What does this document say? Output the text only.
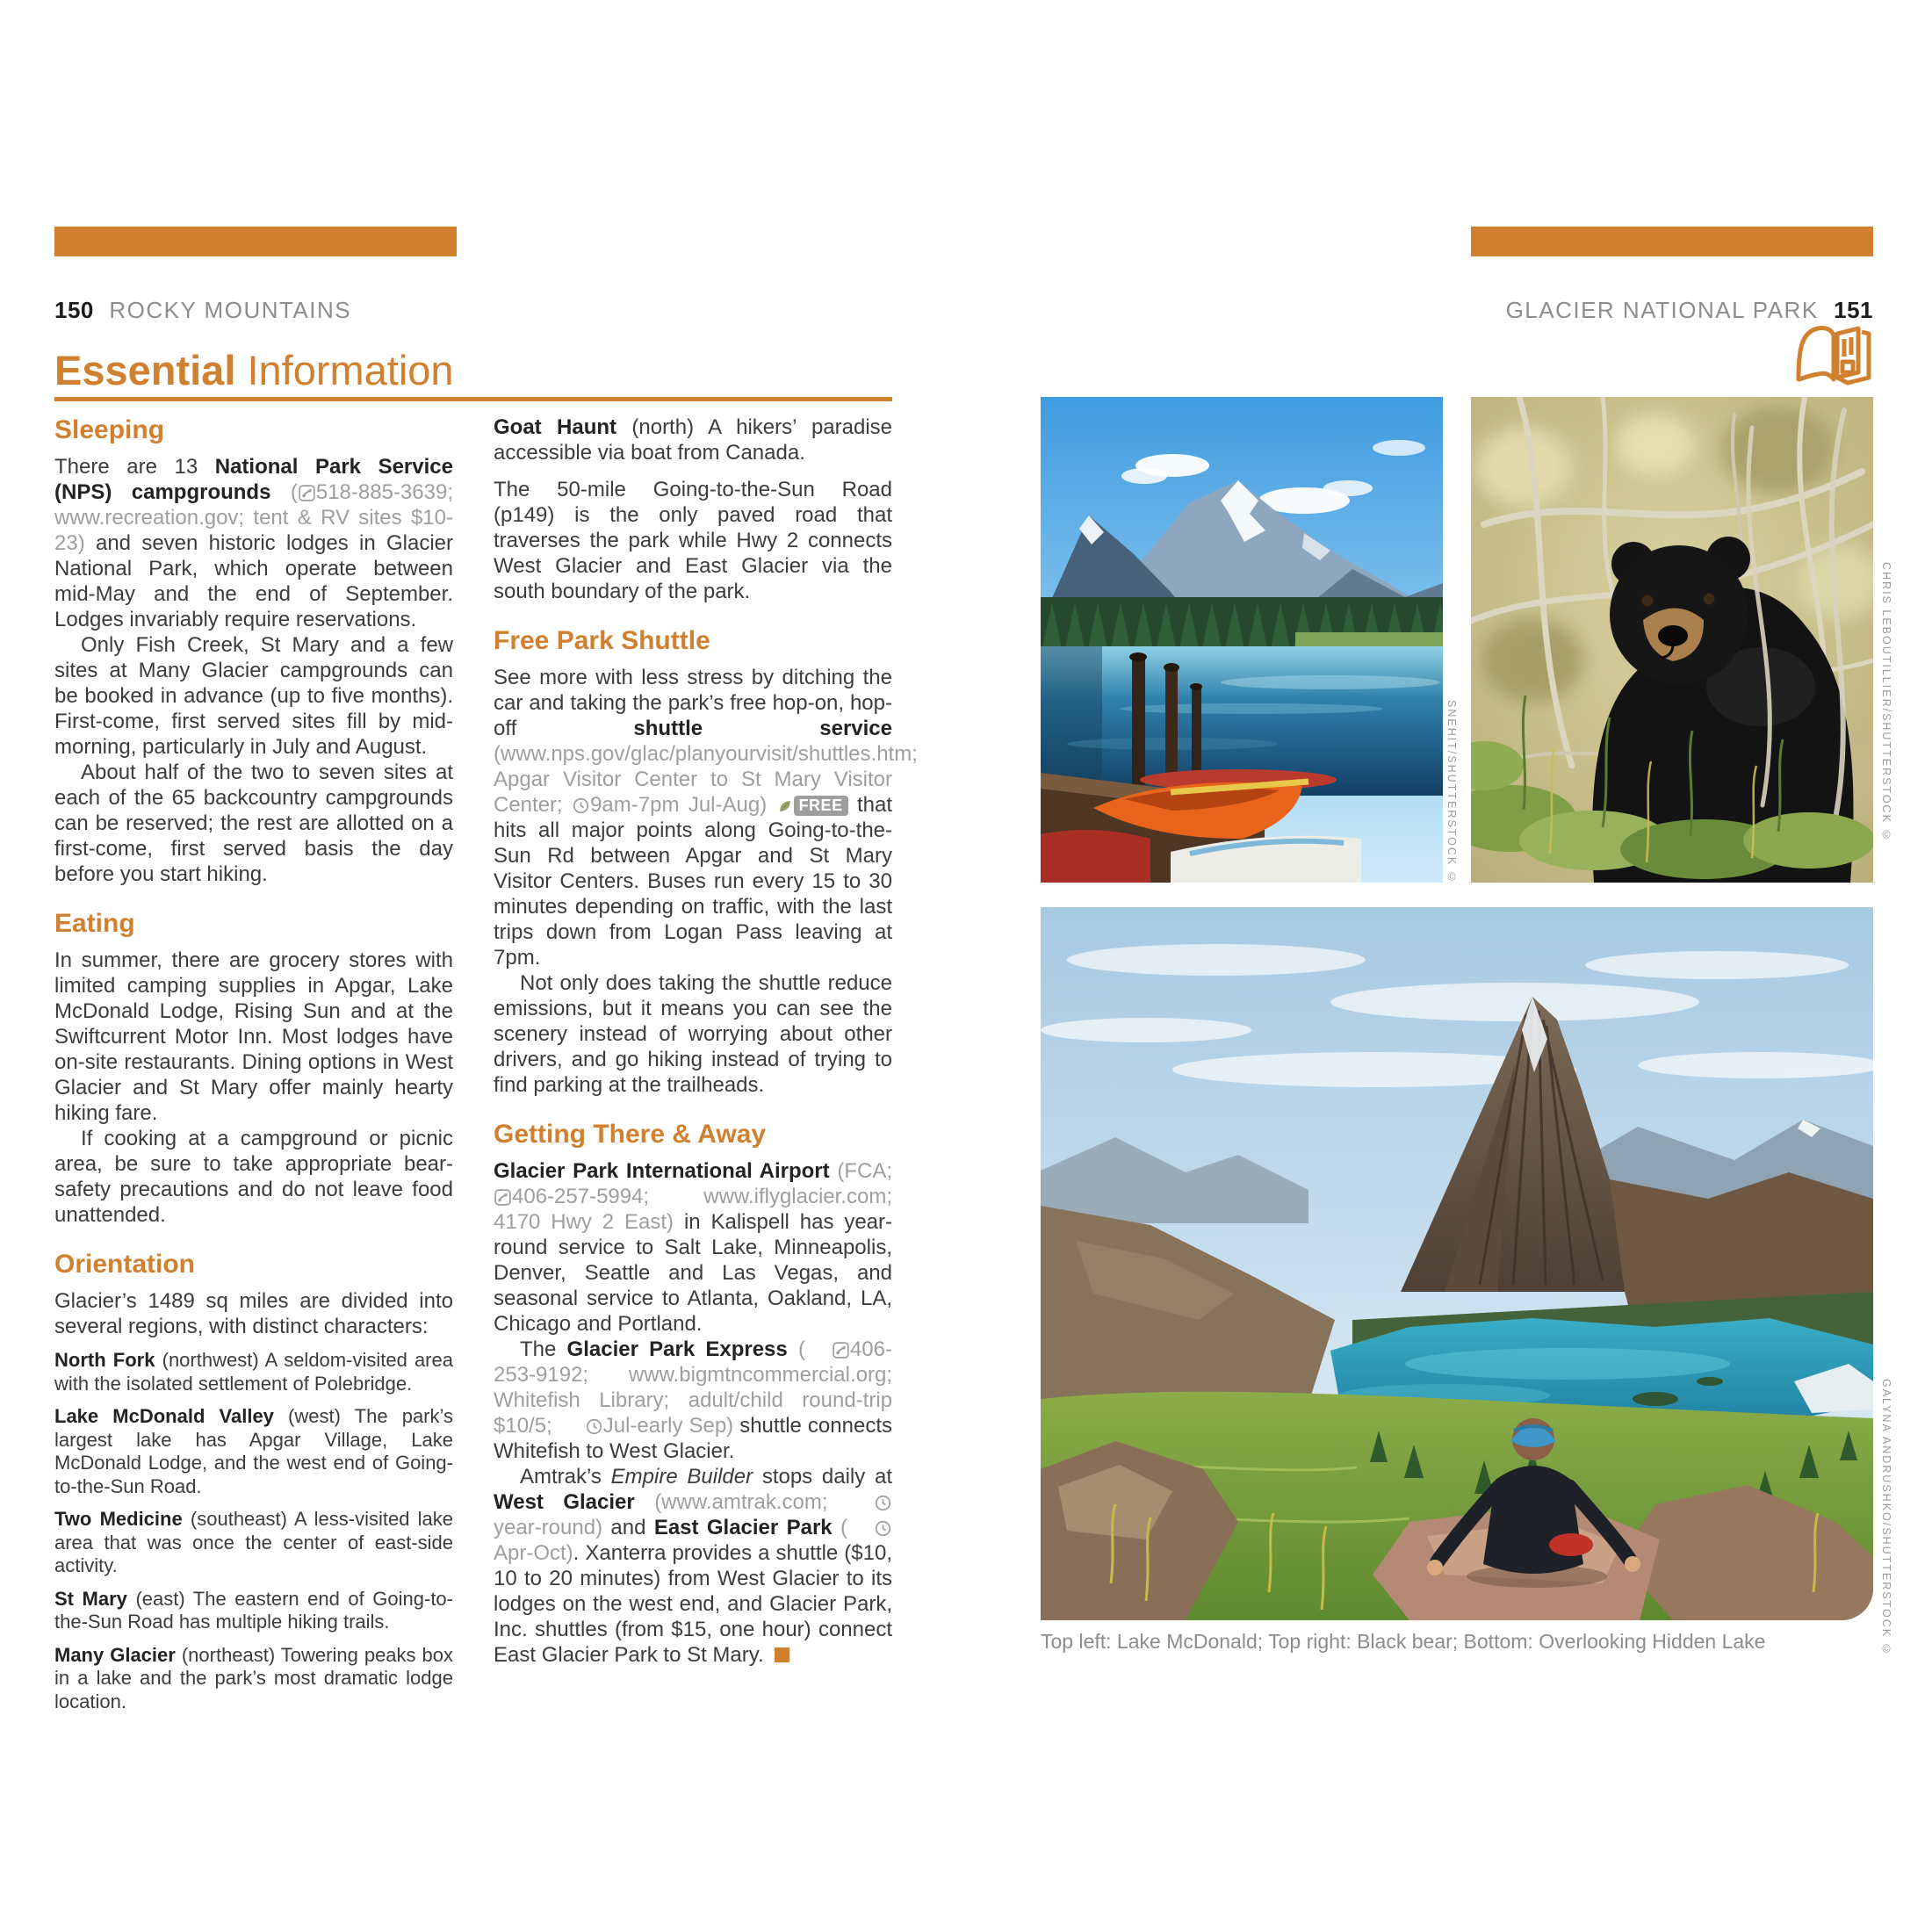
150 ROCKY MOUNTAINS	GLACIER NATIONAL PARK 151
Essential Information
Sleeping

There are 13 National Park Service (NPS) campgrounds ( 518-885-3639; www.recreation.gov; tent & RV sites $10-23) and seven historic lodges in Glacier National Park, which operate between mid-May and the end of September. Lodges invariably require reservations.

Only Fish Creek, St Mary and a few sites at Many Glacier campgrounds can be booked in advance (up to five months). First-come, first served sites fill by mid-morning, particularly in July and August.

About half of the two to seven sites at each of the 65 backcountry campgrounds can be reserved; the rest are allotted on a first-come, first served basis the day before you start hiking.

Eating

In summer, there are grocery stores with limited camping supplies in Apgar, Lake McDonald Lodge, Rising Sun and at the Swiftcurrent Motor Inn. Most lodges have on-site restaurants. Dining options in West Glacier and St Mary offer mainly hearty hiking fare.

If cooking at a campground or picnic area, be sure to take appropriate bear-safety precautions and do not leave food unattended.

Orientation

Glacier’s 1489 sq miles are divided into several regions, with distinct characters:

North Fork (northwest) A seldom-visited area with the isolated settlement of Polebridge.

Lake McDonald Valley (west) The park’s largest lake has Apgar Village, Lake McDonald Lodge, and the west end of Going-to-the-Sun Road.

Two Medicine (southeast) A less-visited lake area that was once the center of east-side activity.

St Mary (east) The eastern end of Going-to-the-Sun Road has multiple hiking trails.

Many Glacier (northeast) Towering peaks box in a lake and the park’s most dramatic lodge location.

Goat Haunt (north) A hikers’ paradise accessible via boat from Canada.

The 50-mile Going-to-the-Sun Road (p149) is the only paved road that traverses the park while Hwy 2 connects West Glacier and East Glacier via the south boundary of the park.

Free Park Shuttle

See more with less stress by ditching the car and taking the park’s free hop-on, hop-off shuttle service (www.nps.gov/glac/planyourvisit/shuttles.htm; Apgar Visitor Center to St Mary Visitor Center; 9am-7pm Jul-Aug) FREE that hits all major points along Going-to-the-Sun Rd between Apgar and St Mary Visitor Centers. Buses run every 15 to 30 minutes depending on traffic, with the last trips down from Logan Pass leaving at 7pm.

Not only does taking the shuttle reduce emissions, but it means you can see the scenery instead of worrying about other drivers, and go hiking instead of trying to find parking at the trailheads.

Getting There & Away

Glacier Park International Airport (FCA; 406-257-5994; www.iflyglacier.com; 4170 Hwy 2 East) in Kalispell has year-round service to Salt Lake, Minneapolis, Denver, Seattle and Las Vegas, and seasonal service to Atlanta, Oakland, LA, Chicago and Portland.

The Glacier Park Express ( 406-253-9192; www.bigmtncommercial.org; Whitefish Library; adult/child round-trip $10/5; Jul-early Sep) shuttle connects Whitefish to West Glacier.

Amtrak’s Empire Builder stops daily at West Glacier (www.amtrak.com; year-round) and East Glacier Park (Apr-Oct). Xanterra provides a shuttle ($10, 10 to 20 minutes) from West Glacier to its lodges on the west end, and Glacier Park, Inc. shuttles (from $15, one hour) connect East Glacier Park to St Mary.

SNEHIT/SHUTTERSTOCK ©	CHRIS LEBOUTILLIER/SHUTTERSTOCK ©
GALYNA ANDRUSHKO/SHUTTERSTOCK ©
Top left: Lake McDonald; Top right: Black bear; Bottom: Overlooking Hidden Lake
